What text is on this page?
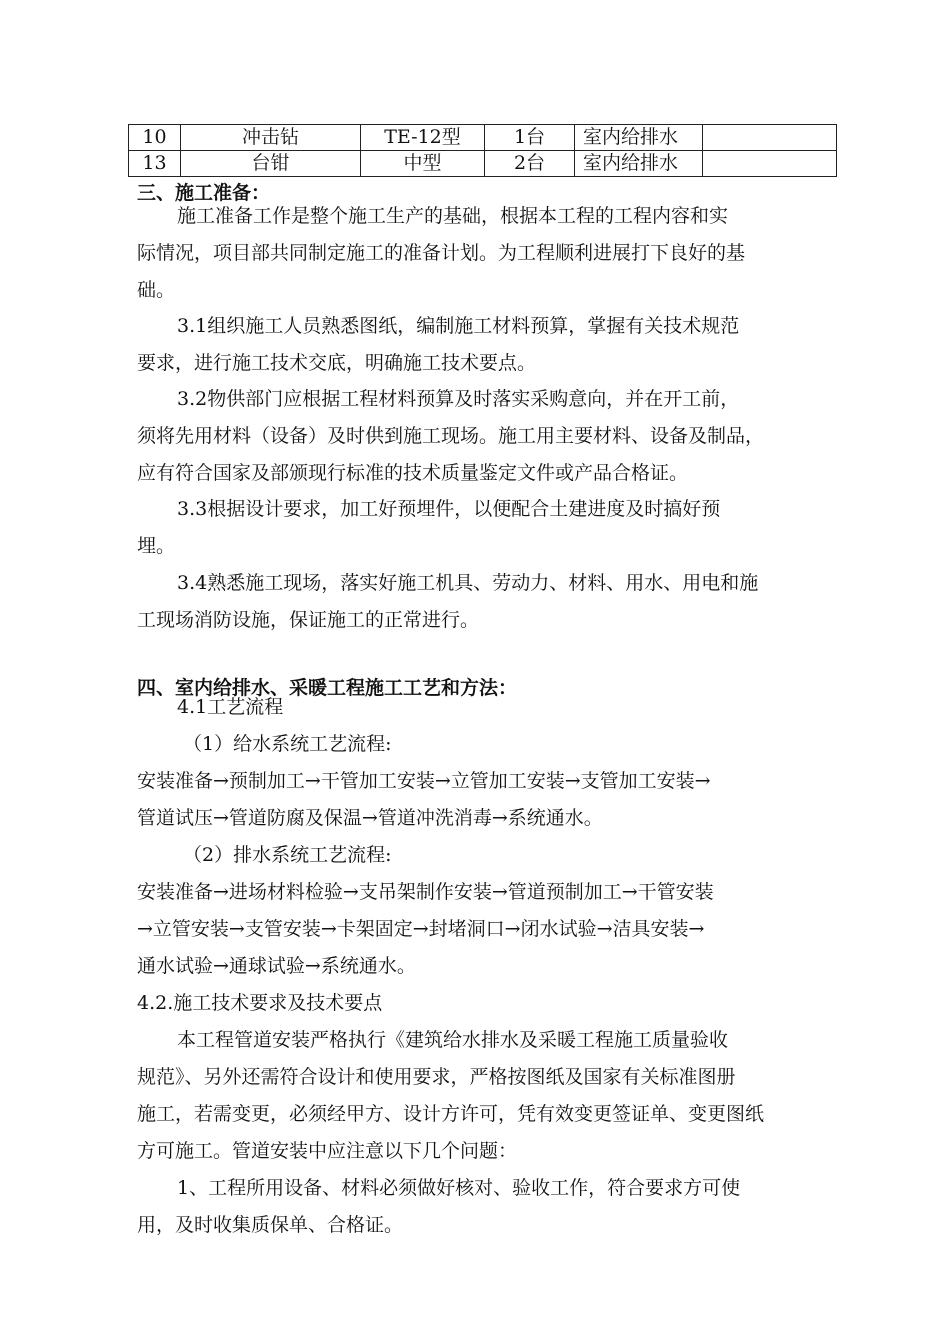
10	冲击钻	TE-12型	1台	室内给排水	
13	台钳	中型	2台	室内给排水	
三、施工准备：
施工准备工作是整个施工生产的基础，根据本工程的工程内容和实
际情况，项目部共同制定施工的准备计划。为工程顺利进展打下良好的基
础。
3.1组织施工人员熟悉图纸，编制施工材料预算，掌握有关技术规范
要求，进行施工技术交底，明确施工技术要点。
3.2物供部门应根据工程材料预算及时落实采购意向，并在开工前，
须将先用材料（设备）及时供到施工现场。施工用主要材料、设备及制品，
应有符合国家及部颁现行标准的技术质量鉴定文件或产品合格证。
3.3根据设计要求，加工好预埋件，以便配合土建进度及时搞好预
埋。
3.4熟悉施工现场，落实好施工机具、劳动力、材料、用水、用电和施
工现场消防设施，保证施工的正常进行。
四、室内给排水、采暖工程施工工艺和方法：
4.1工艺流程
（1）给水系统工艺流程:
安装准备→预制加工→干管加工安装→立管加工安装→支管加工安装→
管道试压→管道防腐及保温→管道冲洗消毒→系统通水。
（2）排水系统工艺流程:
安装准备→进场材料检验→支吊架制作安装→管道预制加工→干管安装
→立管安装→支管安装→卡架固定→封堵洞口→闭水试验→洁具安装→
通水试验→通球试验→系统通水。
4.2.施工技术要求及技术要点
本工程管道安装严格执行《建筑给水排水及采暖工程施工质量验收
规范》、另外还需符合设计和使用要求，严格按图纸及国家有关标准图册
施工，若需变更，必须经甲方、设计方许可，凭有效变更签证单、变更图纸
方可施工。管道安装中应注意以下几个问题：
1、工程所用设备、材料必须做好核对、验收工作，符合要求方可使
用，及时收集质保单、合格证。
